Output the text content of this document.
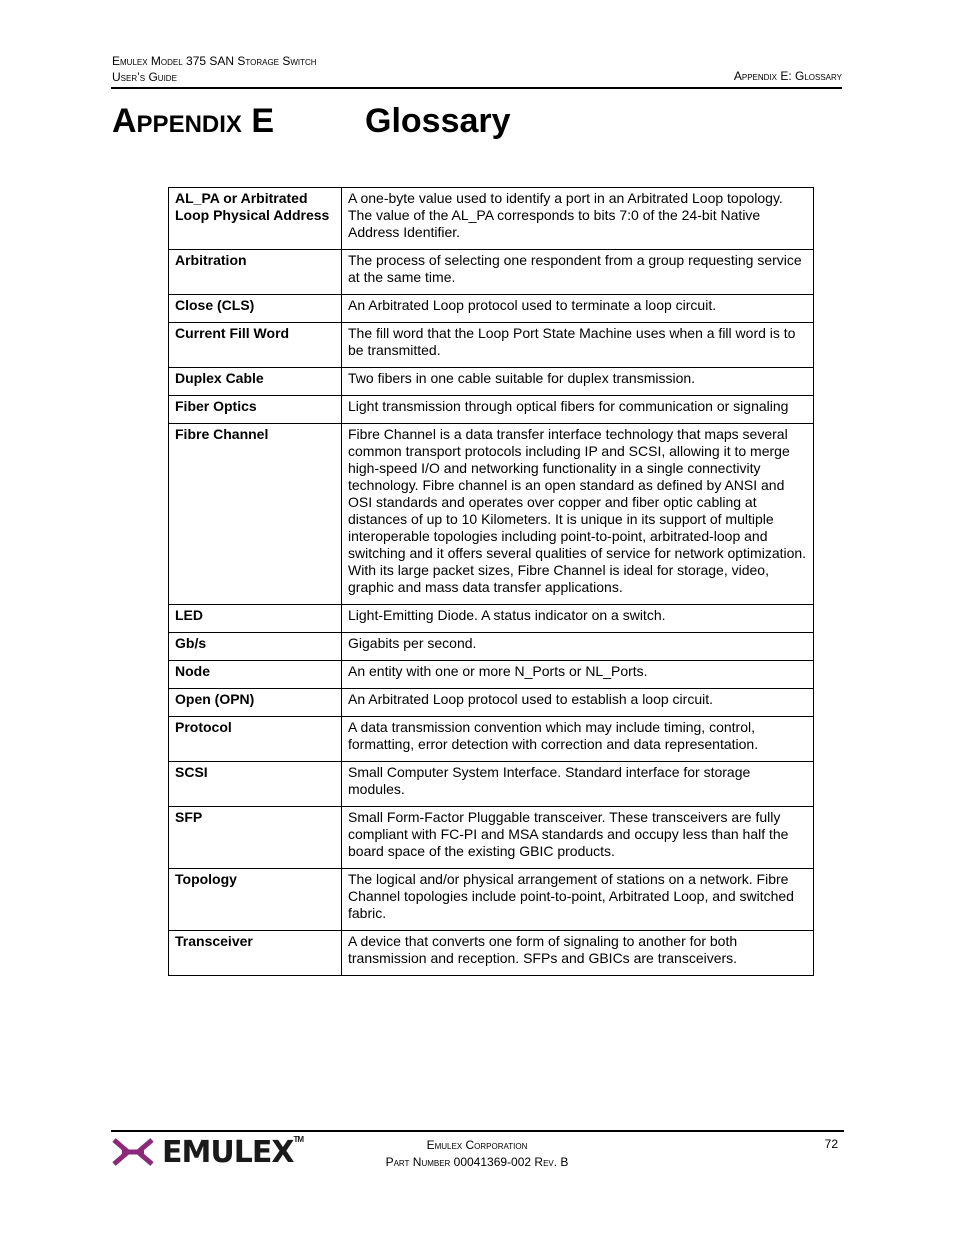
Emulex Model 375 SAN Storage Switch
User’s Guide	Appendix E: Glossary
Appendix E	Glossary
AL_PA or Arbitrated Loop Physical Address	A one-byte value used to identify a port in an Arbitrated Loop topology. The value of the AL_PA corresponds to bits 7:0 of the 24-bit Native Address Identifier.
Arbitration	The process of selecting one respondent from a group requesting service at the same time.
Close (CLS)	An Arbitrated Loop protocol used to terminate a loop circuit.
Current Fill Word	The fill word that the Loop Port State Machine uses when a fill word is to be transmitted.
Duplex Cable	Two fibers in one cable suitable for duplex transmission.
Fiber Optics	Light transmission through optical fibers for communication or signaling
Fibre Channel	Fibre Channel is a data transfer interface technology that maps several common transport protocols including IP and SCSI, allowing it to merge high-speed I/O and networking functionality in a single connectivity technology. Fibre channel is an open standard as defined by ANSI and OSI standards and operates over copper and fiber optic cabling at distances of up to 10 Kilometers. It is unique in its support of multiple interoperable topologies including point-to-point, arbitrated-loop and switching and it offers several qualities of service for network optimization. With its large packet sizes, Fibre Channel is ideal for storage, video, graphic and mass data transfer applications.
LED	Light-Emitting Diode. A status indicator on a switch.
Gb/s	Gigabits per second.
Node	An entity with one or more N_Ports or NL_Ports.
Open (OPN)	An Arbitrated Loop protocol used to establish a loop circuit.
Protocol	A data transmission convention which may include timing, control, formatting, error detection with correction and data representation.
SCSI	Small Computer System Interface. Standard interface for storage modules.
SFP	Small Form-Factor Pluggable transceiver. These transceivers are fully compliant with FC-PI and MSA standards and occupy less than half the board space of the existing GBIC products.
Topology	The logical and/or physical arrangement of stations on a network. Fibre Channel topologies include point-to-point, Arbitrated Loop, and switched fabric.
Transceiver	A device that converts one form of signaling to another for both transmission and reception. SFPs and GBICs are transceivers.
EMULEX™	Emulex Corporation
Part Number 00041369-002 Rev. B
72
